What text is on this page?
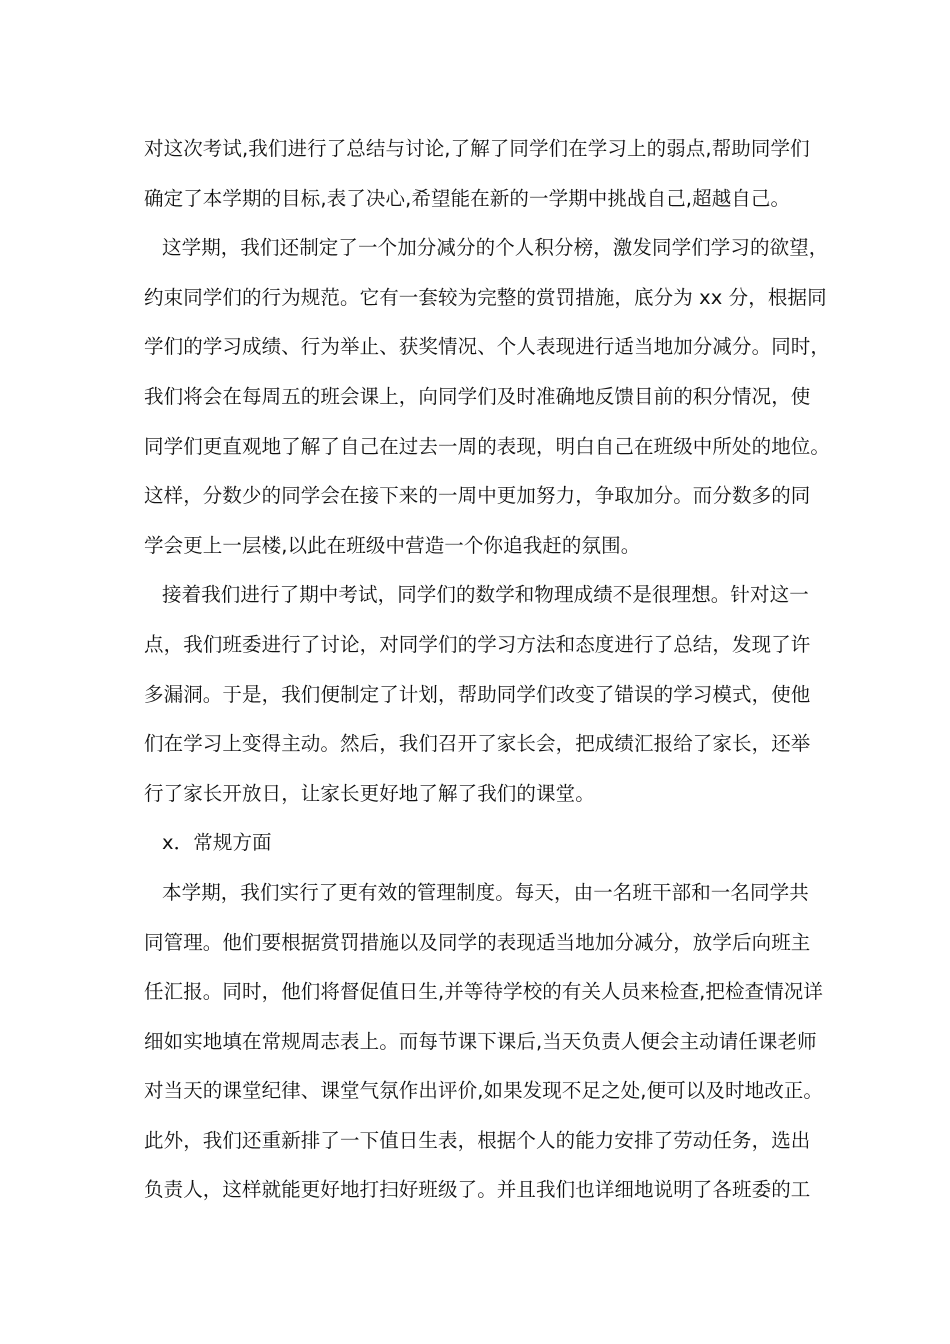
对这次考试,我们进行了总结与讨论,了解了同学们在学习上的弱点,帮助同学们
确定了本学期的目标,表了决心,希望能在新的一学期中挑战自己,超越自己。
这学期，我们还制定了一个加分减分的个人积分榜，激发同学们学习的欲望，
约束同学们的行为规范。它有一套较为完整的赏罚措施，底分为 xx 分，根据同
学们的学习成绩、行为举止、获奖情况、个人表现进行适当地加分减分。同时，
我们将会在每周五的班会课上，向同学们及时准确地反馈目前的积分情况，使
同学们更直观地了解了自己在过去一周的表现，明白自己在班级中所处的地位。
这样，分数少的同学会在接下来的一周中更加努力，争取加分。而分数多的同
学会更上一层楼,以此在班级中营造一个你追我赶的氛围。
接着我们进行了期中考试，同学们的数学和物理成绩不是很理想。针对这一
点，我们班委进行了讨论，对同学们的学习方法和态度进行了总结，发现了许
多漏洞。于是，我们便制定了计划，帮助同学们改变了错误的学习模式，使他
们在学习上变得主动。然后，我们召开了家长会，把成绩汇报给了家长，还举
行了家长开放日，让家长更好地了解了我们的课堂。
x．常规方面
本学期，我们实行了更有效的管理制度。每天，由一名班干部和一名同学共
同管理。他们要根据赏罚措施以及同学的表现适当地加分减分，放学后向班主
任汇报。同时，他们将督促值日生,并等待学校的有关人员来检查,把检查情况详
细如实地填在常规周志表上。而每节课下课后,当天负责人便会主动请任课老师
对当天的课堂纪律、课堂气氛作出评价,如果发现不足之处,便可以及时地改正。
此外，我们还重新排了一下值日生表，根据个人的能力安排了劳动任务，选出
负责人，这样就能更好地打扫好班级了。并且我们也详细地说明了各班委的工
